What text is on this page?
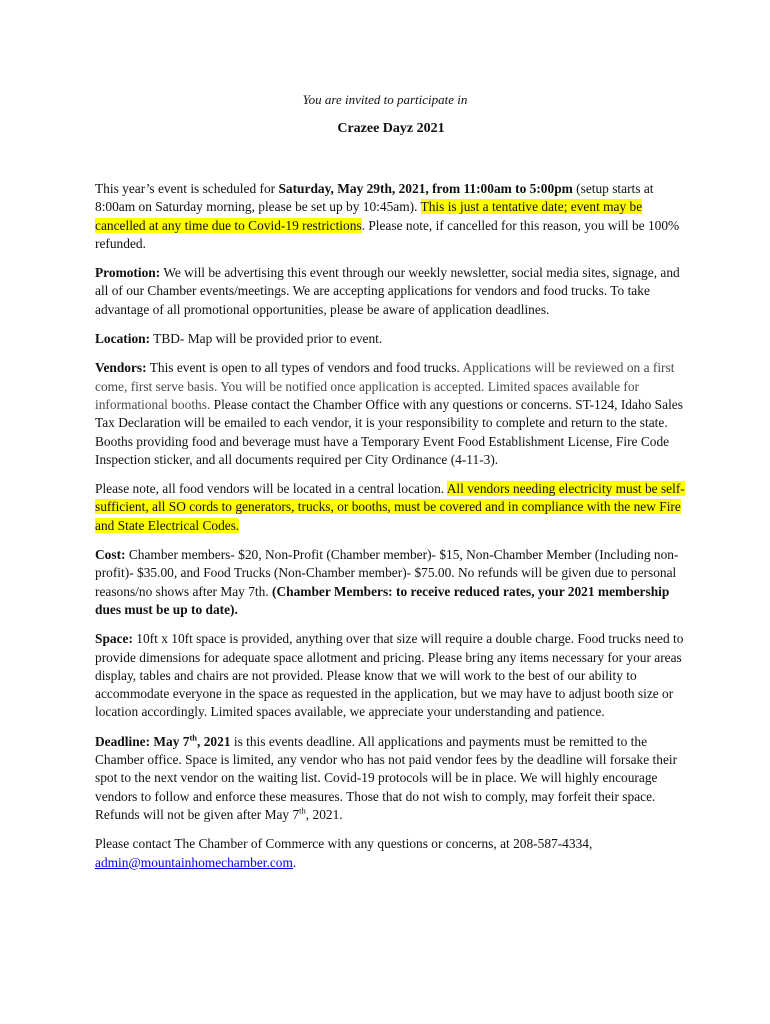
You are invited to participate in
Crazee Dayz 2021

This year’s event is scheduled for Saturday, May 29th, 2021, from 11:00am to 5:00pm (setup starts at 8:00am on Saturday morning, please be set up by 10:45am). This is just a tentative date; event may be cancelled at any time due to Covid-19 restrictions. Please note, if cancelled for this reason, you will be 100% refunded.

Promotion: We will be advertising this event through our weekly newsletter, social media sites, signage, and all of our Chamber events/meetings. We are accepting applications for vendors and food trucks. To take advantage of all promotional opportunities, please be aware of application deadlines.

Location: TBD- Map will be provided prior to event.

Vendors: This event is open to all types of vendors and food trucks. Applications will be reviewed on a first come, first serve basis. You will be notified once application is accepted. Limited spaces available for informational booths. Please contact the Chamber Office with any questions or concerns. ST-124, Idaho Sales Tax Declaration will be emailed to each vendor, it is your responsibility to complete and return to the state. Booths providing food and beverage must have a Temporary Event Food Establishment License, Fire Code Inspection sticker, and all documents required per City Ordinance (4-11-3).

Please note, all food vendors will be located in a central location. All vendors needing electricity must be self-sufficient, all SO cords to generators, trucks, or booths, must be covered and in compliance with the new Fire and State Electrical Codes.

Cost: Chamber members- $20, Non-Profit (Chamber member)- $15, Non-Chamber Member (Including non-profit)- $35.00, and Food Trucks (Non-Chamber member)- $75.00. No refunds will be given due to personal reasons/no shows after May 7th. (Chamber Members: to receive reduced rates, your 2021 membership dues must be up to date).

Space: 10ft x 10ft space is provided, anything over that size will require a double charge. Food trucks need to provide dimensions for adequate space allotment and pricing. Please bring any items necessary for your areas display, tables and chairs are not provided. Please know that we will work to the best of our ability to accommodate everyone in the space as requested in the application, but we may have to adjust booth size or location accordingly. Limited spaces available, we appreciate your understanding and patience.

Deadline: May 7th, 2021 is this events deadline. All applications and payments must be remitted to the Chamber office. Space is limited, any vendor who has not paid vendor fees by the deadline will forsake their spot to the next vendor on the waiting list. Covid-19 protocols will be in place. We will highly encourage vendors to follow and enforce these measures. Those that do not wish to comply, may forfeit their space. Refunds will not be given after May 7th, 2021.

Please contact The Chamber of Commerce with any questions or concerns, at 208-587-4334, admin@mountainhomechamber.com.
